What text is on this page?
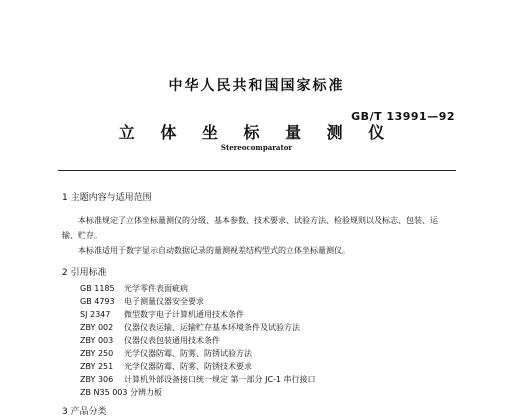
中华人民共和国国家标准
GB/T 13991—92
立 体 坐 标 量 测 仪
Stereocomparator
1 主题内容与适用范围
本标准规定了立体坐标量测仪的分级、基本参数、技术要求、试验方法、检验规则以及标志、包装、运
输、贮存。
本标准适用于数字显示自动数据记录的量测视差结构型式的立体坐标量测仪。
2 引用标准
GB 1185 光学零件表面疵病
GB 4793 电子测量仪器安全要求
SJ 2347 微型数字电子计算机通用技术条件
ZBY 002 仪器仪表运输、运输贮存基本环境条件及试验方法
ZBY 003 仪器仪表包装通用技术条件
ZBY 250 光学仪器防霉、防雾、防锈试验方法
ZBY 251 光学仪器防霉、防雾、防锈技术要求
ZBY 306 计算机外部设备接口统一规定 第一部分 JC-1 串行接口
ZB N35 003 分辨力板
3 产品分类
